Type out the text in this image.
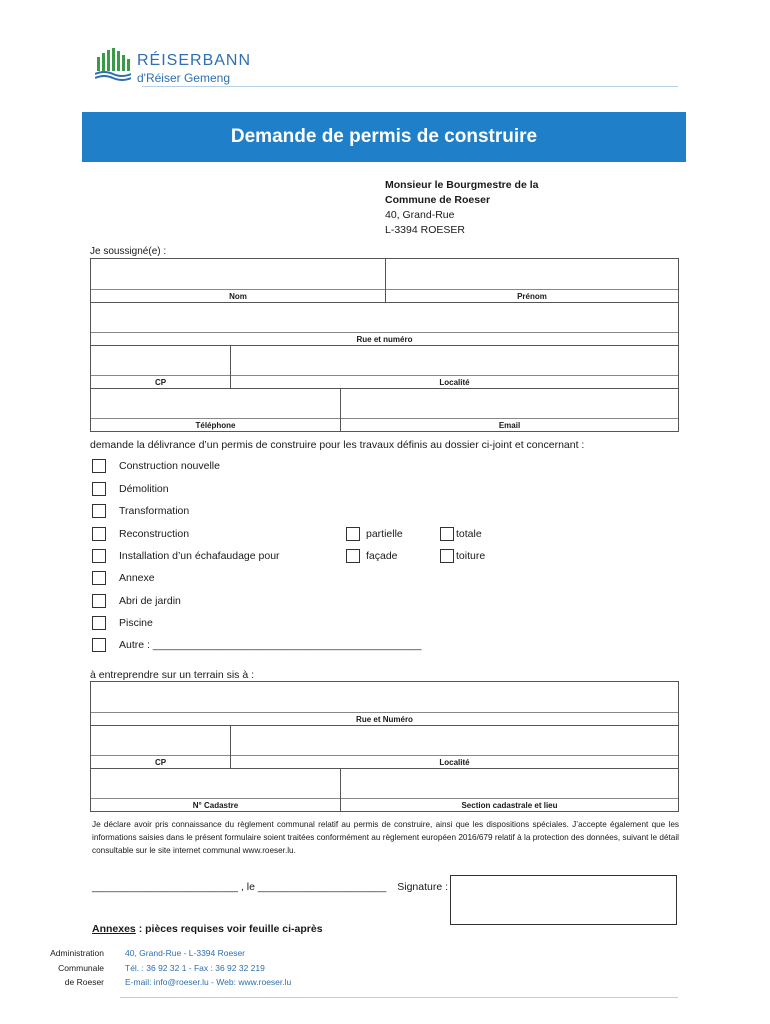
RÉISERBANN
d'Réiser Gemeng
Demande de permis de construire
Monsieur le Bourgmestre de la
Commune de Roeser
40, Grand-Rue
L-3394 ROESER
Je soussigné(e) :
Nom	Prénom
Rue et numéro
CP	Localité
Téléphone	Email
demande la délivrance d’un permis de construire pour les travaux définis au dossier ci-joint et concernant :
Construction nouvelle
Démolition
Transformation
Reconstruction
Installation d’un échafaudage pour
Annexe
Abri de jardin
Piscine
Autre : ______________________________________________
partielle	totale
façade	toiture
à entreprendre sur un terrain sis à :
Rue et Numéro
CP	Localité
N° Cadastre	Section cadastrale et lieu
Je déclare avoir pris connaissance du règlement communal relatif au permis de construire, ainsi que les dispositions spéciales. J’accepte également que les informations saisies dans le présent formulaire soient traitées conformément au règlement européen 2016/679 relatif à la protection des données, suivant le détail consultable sur le site internet communal www.roeser.lu.
_________________________ , le ______________________ Signature :
Annexes : pièces requises voir feuille ci-après
Administration
Communale
de Roeser
40, Grand-Rue - L-3394 Roeser
Tél. : 36 92 32 1 - Fax : 36 92 32 219
E-mail: info@roeser.lu - Web: www.roeser.lu
